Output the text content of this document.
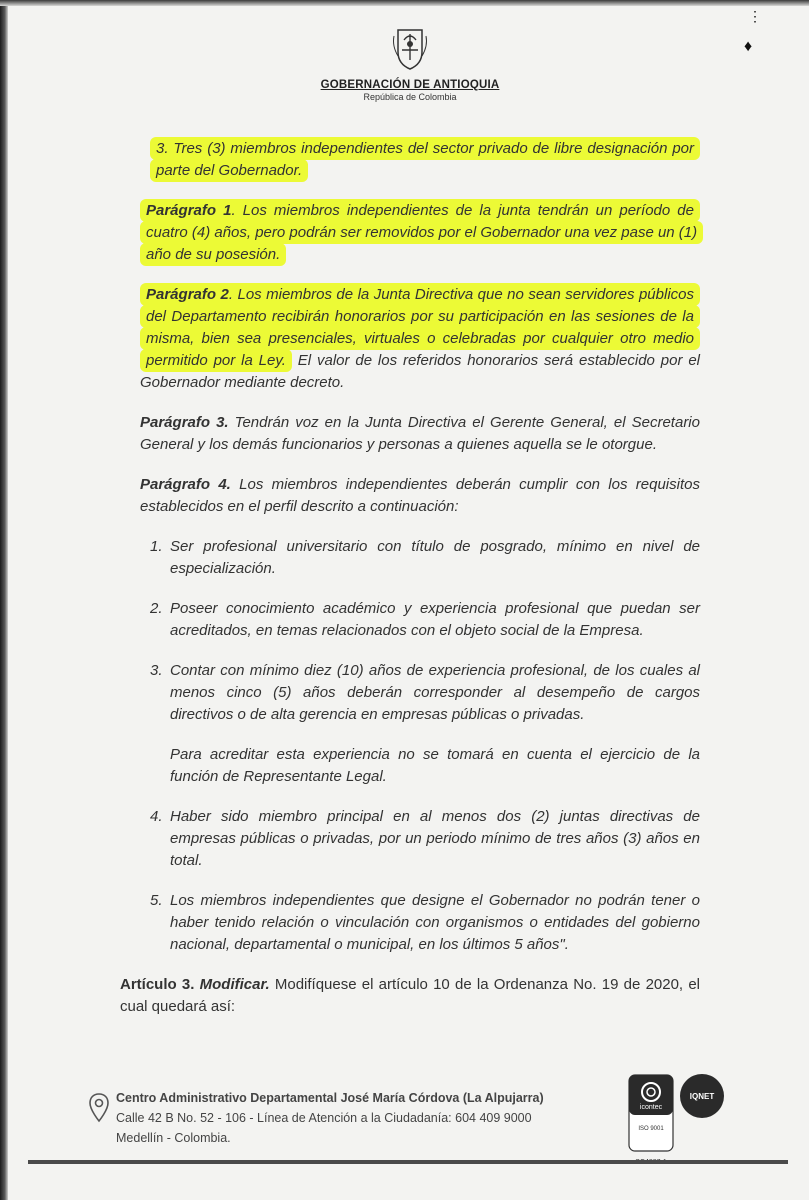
⋮
♦
GOBERNACIÓN DE ANTIOQUIA
República de Colombia

3. Tres (3) miembros independientes del sector privado de libre designación por parte del Gobernador.

Parágrafo 1. Los miembros independientes de la junta tendrán un período de cuatro (4) años, pero podrán ser removidos por el Gobernador una vez pase un (1) año de su posesión.

Parágrafo 2. Los miembros de la Junta Directiva que no sean servidores públicos del Departamento recibirán honorarios por su participación en las sesiones de la misma, bien sea presenciales, virtuales o celebradas por cualquier otro medio permitido por la Ley. El valor de los referidos honorarios será establecido por el Gobernador mediante decreto.

Parágrafo 3. Tendrán voz en la Junta Directiva el Gerente General, el Secretario General y los demás funcionarios y personas a quienes aquella se le otorgue.

Parágrafo 4. Los miembros independientes deberán cumplir con los requisitos establecidos en el perfil descrito a continuación:

1. Ser profesional universitario con título de posgrado, mínimo en nivel de especialización.
2. Poseer conocimiento académico y experiencia profesional que puedan ser acreditados, en temas relacionados con el objeto social de la Empresa.
3. Contar con mínimo diez (10) años de experiencia profesional, de los cuales al menos cinco (5) años deberán corresponder al desempeño de cargos directivos o de alta gerencia en empresas públicas o privadas.
Para acreditar esta experiencia no se tomará en cuenta el ejercicio de la función de Representante Legal.
4. Haber sido miembro principal en al menos dos (2) juntas directivas de empresas públicas o privadas, por un periodo mínimo de tres años (3) años en total.
5. Los miembros independientes que designe el Gobernador no podrán tener o haber tenido relación o vinculación con organismos o entidades del gobierno nacional, departamental o municipal, en los últimos 5 años".

Artículo 3. Modificar. Modifíquese el artículo 10 de la Ordenanza No. 19 de 2020, el cual quedará así:

Centro Administrativo Departamental José María Córdova (La Alpujarra)
Calle 42 B No. 52 - 106 - Línea de Atención a la Ciudadanía: 604 409 9000
Medellín - Colombia.
icontec
ISO 9001
IQNET
